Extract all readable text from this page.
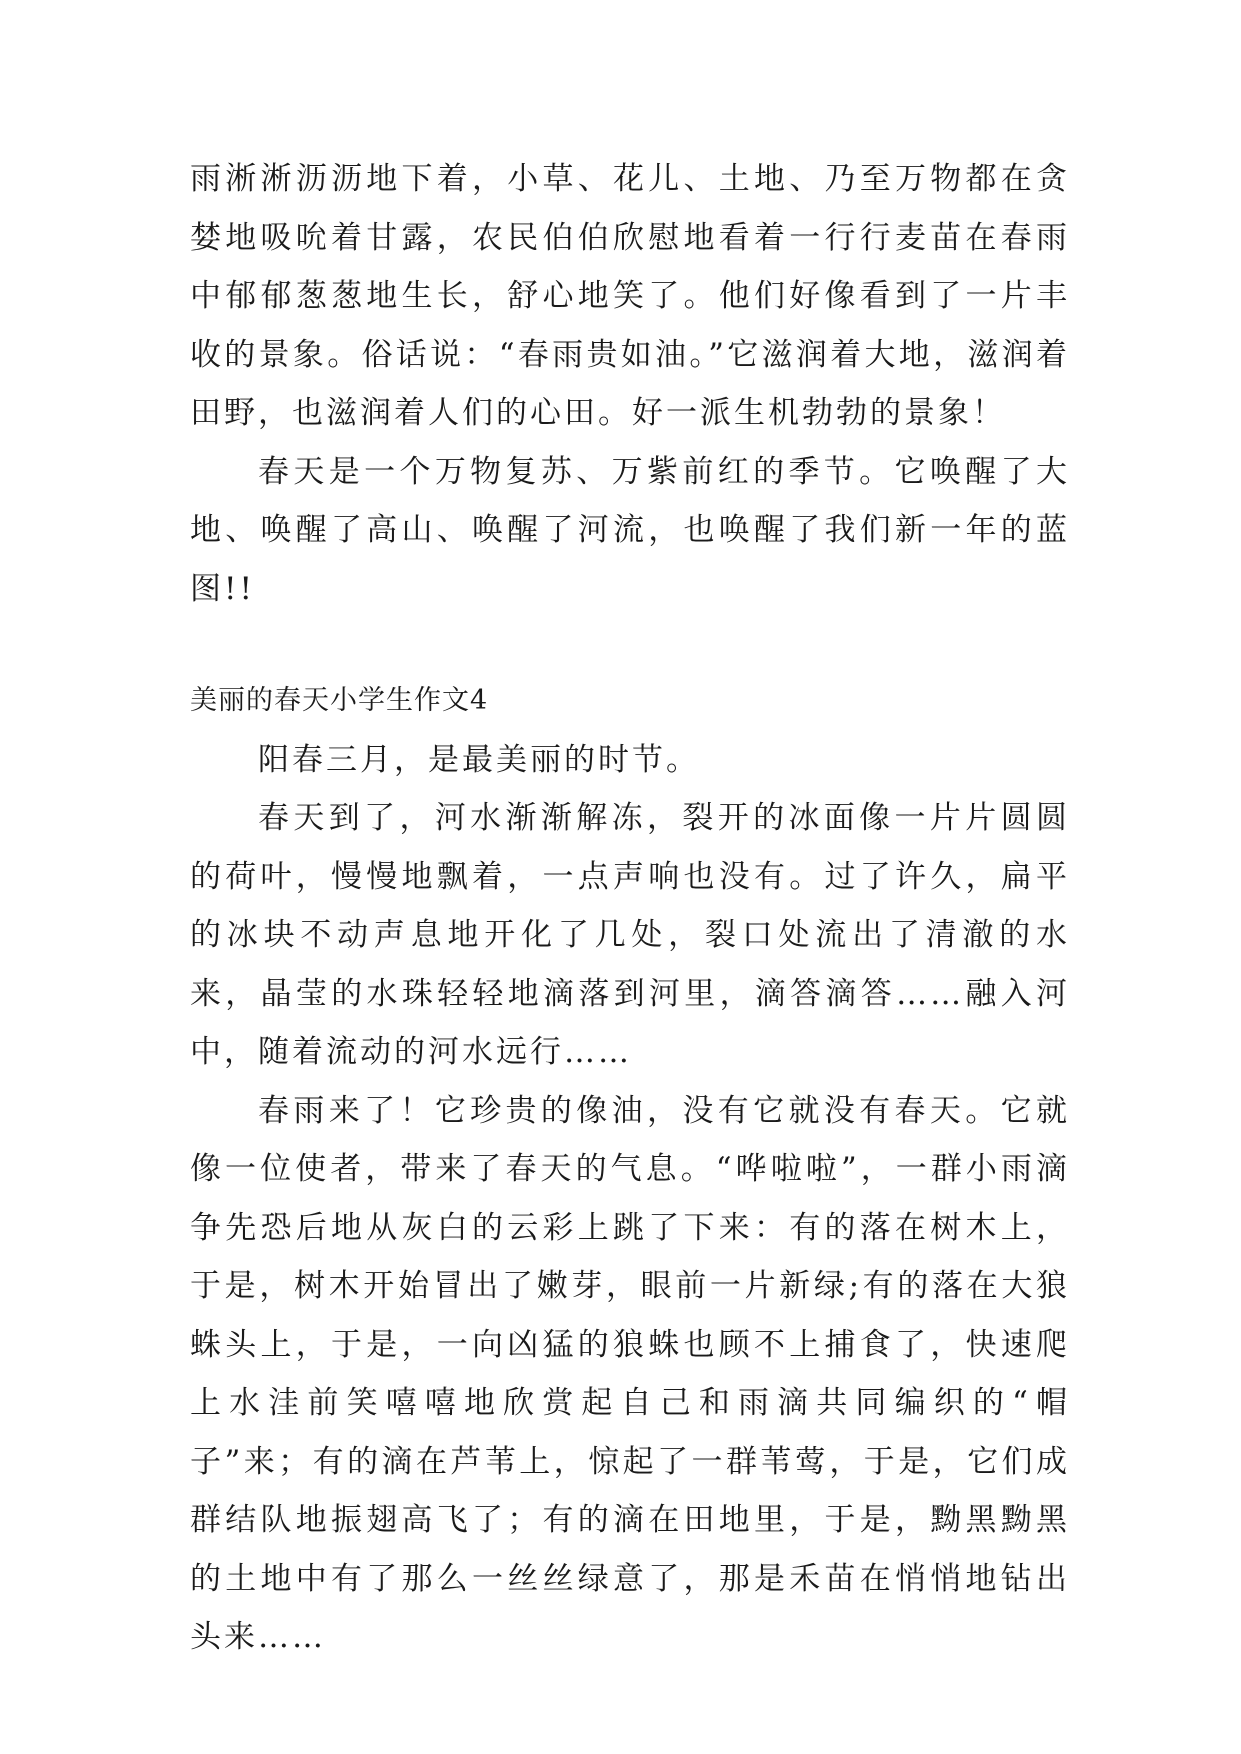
雨淅淅沥沥地下着，小草、花儿、土地、乃至万物都在贪婪地吸吮着甘露，农民伯伯欣慰地看着一行行麦苗在春雨中郁郁葱葱地生长，舒心地笑了。他们好像看到了一片丰收的景象。俗话说：“春雨贵如油。”它滋润着大地，滋润着田野，也滋润着人们的心田。好一派生机勃勃的景象！

春天是一个万物复苏、万紫前红的季节。它唤醒了大地、唤醒了高山、唤醒了河流，也唤醒了我们新一年的蓝图!!

美丽的春天小学生作文4

阳春三月，是最美丽的时节。

春天到了，河水渐渐解冻，裂开的冰面像一片片圆圆的荷叶，慢慢地飘着，一点声响也没有。过了许久，扁平的冰块不动声息地开化了几处，裂口处流出了清澈的水来，晶莹的水珠轻轻地滴落到河里，滴答滴答……融入河中，随着流动的河水远行……

春雨来了！它珍贵的像油，没有它就没有春天。它就像一位使者，带来了春天的气息。“哗啦啦”，一群小雨滴争先恐后地从灰白的云彩上跳了下来：有的落在树木上，于是，树木开始冒出了嫩芽，眼前一片新绿;有的落在大狼蛛头上，于是，一向凶猛的狼蛛也顾不上捕食了，快速爬上水洼前笑嘻嘻地欣赏起自己和雨滴共同编织的“帽子”来；有的滴在芦苇上，惊起了一群苇莺，于是，它们成群结队地振翅高飞了；有的滴在田地里，于是，黝黑黝黑的土地中有了那么一丝丝绿意了，那是禾苗在悄悄地钻出头来……
